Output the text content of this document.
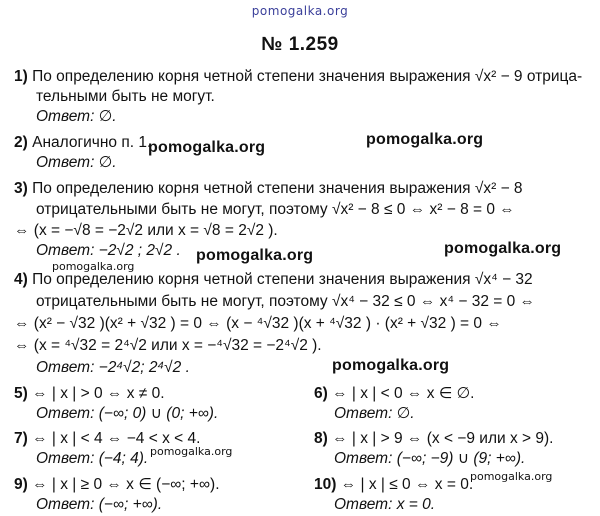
pomogalka.org
№ 1.259
1) По определению корня четной степени значения выражения √x² − 9 отрица-
тельными быть не могут.
Ответ: ∅.
2) Аналогично п. 1.
Ответ: ∅.
3) По определению корня четной степени значения выражения √x² − 8
отрицательными быть не могут, поэтому √x² − 8 ≤ 0 ⇔ x² − 8 = 0 ⇔
⇔ (x = −√8 = −2√2 или x = √8 = 2√2 ).
Ответ: −2√2 ; 2√2 .
4) По определению корня четной степени значения выражения √x⁴ − 32
отрицательными быть не могут, поэтому √x⁴ − 32 ≤ 0 ⇔ x⁴ − 32 = 0 ⇔
⇔ (x² − √32 )(x² + √32 ) = 0 ⇔ (x − ⁴√32 )(x + ⁴√32 ) · (x² + √32 ) = 0 ⇔
⇔ (x = ⁴√32 = 2⁴√2 или x = −⁴√32 = −2⁴√2 ).
Ответ: −2⁴√2; 2⁴√2 .
5) ⇔ | x | > 0 ⇔ x ≠ 0.
Ответ: (−∞; 0) ∪ (0; +∞).
7) ⇔ | x | < 4 ⇔ −4 < x < 4.
Ответ: (−4; 4).
9) ⇔ | x | ≥ 0 ⇔ x ∈ (−∞; +∞).
Ответ: (−∞; +∞).
6) ⇔ | x | < 0 ⇔ x ∈ ∅.
Ответ: ∅.
8) ⇔ | x | > 9 ⇔ (x < −9 или x > 9).
Ответ: (−∞; −9) ∪ (9; +∞).
10) ⇔ | x | ≤ 0 ⇔ x = 0.
Ответ: x = 0.
pomogalka.org	pomogalka.org
pomogalka.org
pomogalka.org
pomogalka.org
pomogalka.org
pomogalka.org
pomogalka.org
